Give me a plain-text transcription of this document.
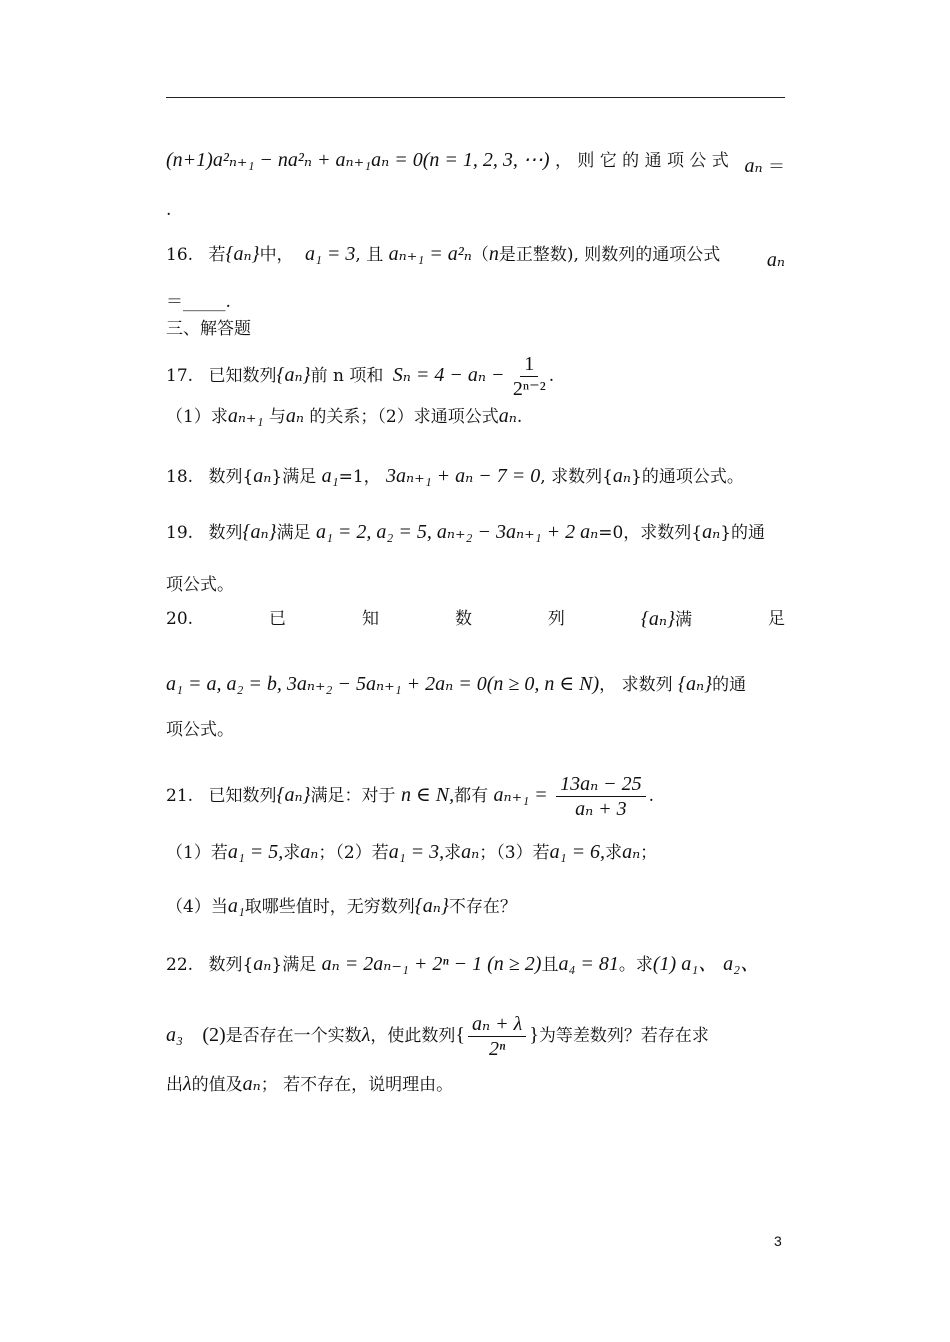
(n+1)a²ₙ₊₁ − na²ₙ + aₙ₊₁aₙ = 0(n = 1, 2, 3, ⋯) ， 则 它 的 通 项 公 式 aₙ ＝
.
16. 若{aₙ}中， a₁ = 3, 且 aₙ₊₁ = a²ₙ（n是正整数), 则数列的通项公式 aₙ
＝_____.
三、解答题
17. 已知数列{aₙ}前 n 项和 $S_n = 4 - a_n - \frac{1}{\text{2ⁿ⁻²}}$ .
（1）求aₙ₊₁ 与aₙ 的关系；（2）求通项公式aₙ.
18. 数列{aₙ}满足 a₁=1， 3aₙ₊₁ + aₙ − 7 = 0, 求数列{aₙ}的通项公式。
19. 数列{aₙ}满足 a₁ = 2, a₂ = 5, aₙ₊₂ − 3aₙ₊₁ + 2 aₙ=0，求数列{aₙ}的通
项公式。
20.	已	知	数	列	{aₙ}满	足
a₁ = a, a₂ = b, 3aₙ₊₂ − 5aₙ₊₁ + 2aₙ = 0(n ≥ 0, n ∈ N)， 求数列 {aₙ}的通
项公式。
21. 已知数列{aₙ}满足：对于 n ∈ N,都有 $a_{n+1} = \frac{\text{13aₙ − 25}}{\text{aₙ + 3}}$ .
（1）若a₁ = 5,求aₙ；（2）若a₁ = 3,求aₙ；（3）若a₁ = 6,求aₙ；
（4）当a₁取哪些值时，无穷数列{aₙ}不存在？
22. 数列{aₙ}满足 aₙ = 2aₙ₋₁ + 2ⁿ − 1 (n ≥ 2)且a₄ = 81。求(1) a₁、 a₂、
a₃ (2)是否存在一个实数λ，使此数列{ $\frac{\text{aₙ + λ}}{\text{2ⁿ}}$ }为等差数列？若存在求
出λ的值及aₙ； 若不存在，说明理由。
3
